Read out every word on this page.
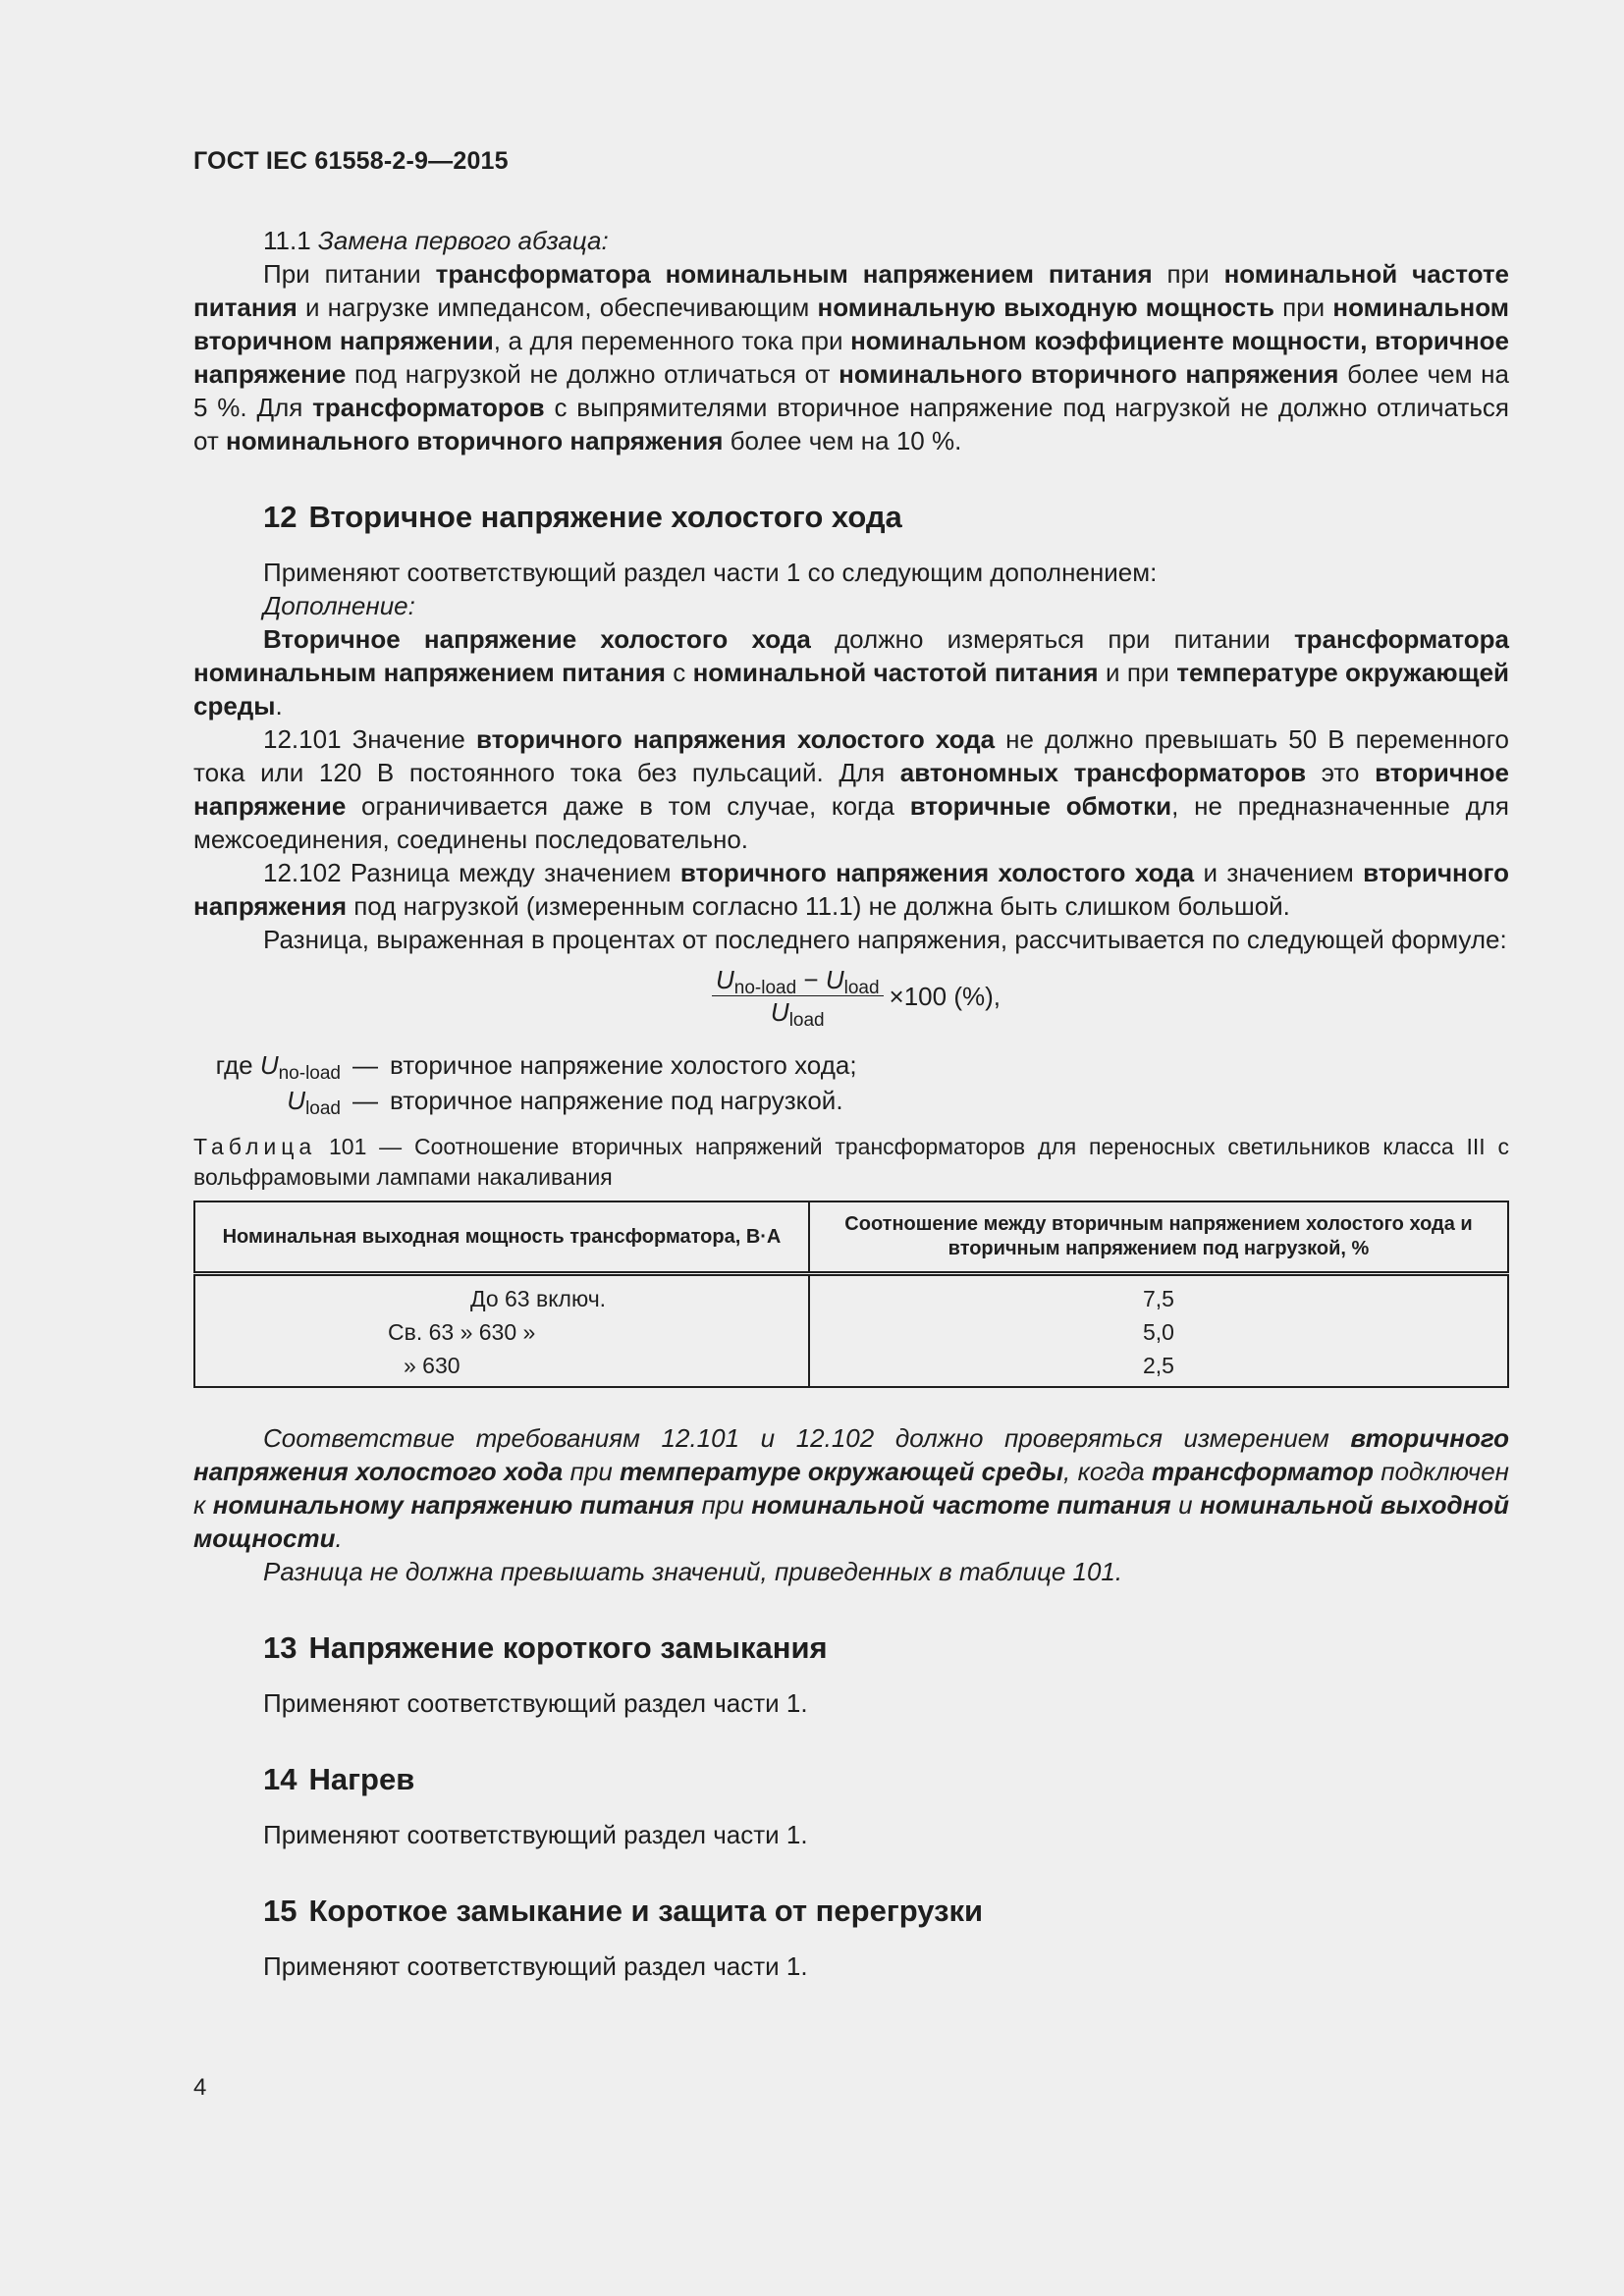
ГОСТ IEC 61558-2-9—2015

11.1 Замена первого абзаца:

При питании трансформатора номинальным напряжением питания при номинальной частоте питания и нагрузке импедансом, обеспечивающим номинальную выходную мощность при номинальном вторичном напряжении, а для переменного тока при номинальном коэффициенте мощности, вторичное напряжение под нагрузкой не должно отличаться от номинального вторичного напряжения более чем на 5 %. Для трансформаторов с выпрямителями вторичное напряжение под нагрузкой не должно отличаться от номинального вторичного напряжения более чем на 10 %.

12 Вторичное напряжение холостого хода

Применяют соответствующий раздел части 1 со следующим дополнением:

Дополнение:

Вторичное напряжение холостого хода должно измеряться при питании трансформатора номинальным напряжением питания с номинальной частотой питания и при температуре окружающей среды.

12.101 Значение вторичного напряжения холостого хода не должно превышать 50 В переменного тока или 120 В постоянного тока без пульсаций. Для автономных трансформаторов это вторичное напряжение ограничивается даже в том случае, когда вторичные обмотки, не предназначенные для межсоединения, соединены последовательно.

12.102 Разница между значением вторичного напряжения холостого хода и значением вторичного напряжения под нагрузкой (измеренным согласно 11.1) не должна быть слишком большой.

Разница, выраженная в процентах от последнего напряжения, рассчитывается по следующей формуле:

$\frac{U_{no-load} - U_{load}}{U_{load}} \times 100$ (%),
где $U_{no-load}$ — вторичное напряжение холостого хода;
$U_{load}$ — вторичное напряжение под нагрузкой.

Таблица 101 — Соотношение вторичных напряжений трансформаторов для переносных светильников класса III с вольфрамовыми лампами накаливания

Номинальная выходная мощность трансформатора, В·А	Соотношение между вторичным напряжением холостого хода и вторичным напряжением под нагрузкой, %

До 63 включ.	7,5

Св. 63 » 630 »	5,0

» 630	2,5

Соответствие требованиям 12.101 и 12.102 должно проверяться измерением вторичного напряжения холостого хода при температуре окружающей среды, когда трансформатор подключен к номинальному напряжению питания при номинальной частоте питания и номинальной выходной мощности.

Разница не должна превышать значений, приведенных в таблице 101.

13 Напряжение короткого замыкания

Применяют соответствующий раздел части 1.

14 Нагрев

Применяют соответствующий раздел части 1.

15 Короткое замыкание и защита от перегрузки

Применяют соответствующий раздел части 1.

4
